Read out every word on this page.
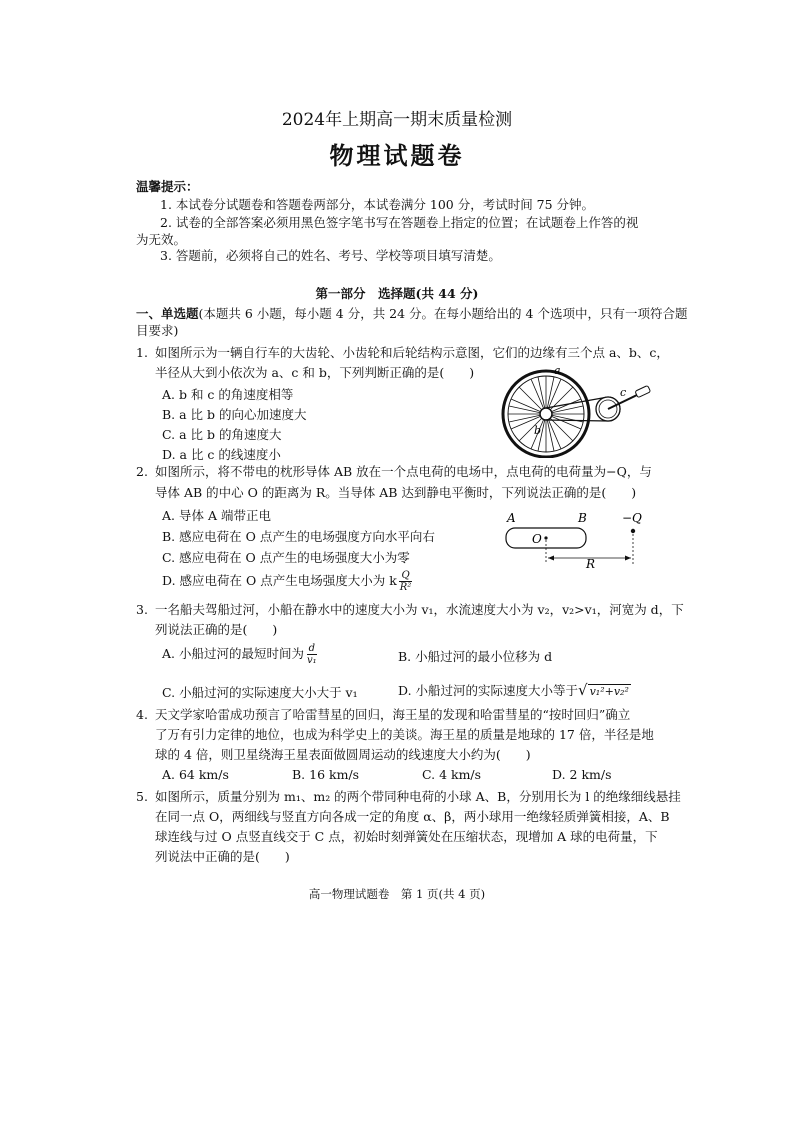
2024年上期高一期末质量检测
物理试题卷
温馨提示：
1. 本试卷分试题卷和答题卷两部分，本试卷满分 100 分，考试时间 75 分钟。
2. 试卷的全部答案必须用黑色签字笔书写在答题卷上指定的位置；在试题卷上作答的视
为无效。
3. 答题前，必须将自己的姓名、考号、学校等项目填写清楚。
第一部分　选择题(共 44 分)
一、单选题(本题共 6 小题，每小题 4 分，共 24 分。在每小题给出的 4 个选项中，只有一项符合题
目要求)
1. 如图所示为一辆自行车的大齿轮、小齿轮和后轮结构示意图，它们的边缘有三个点 a、b、c，
半径从大到小依次为 a、c 和 b，下列判断正确的是(　　)
A. b 和 c 的角速度相等
B. a 比 b 的向心加速度大
C. a 比 b 的角速度大
D. a 比 c 的线速度小
a
b
c
2. 如图所示，将不带电的枕形导体 AB 放在一个点电荷的电场中，点电荷的电荷量为−Q，与
导体 AB 的中心 O 的距离为 R。当导体 AB 达到静电平衡时，下列说法正确的是(　　)
A. 导体 A 端带正电
B. 感应电荷在 O 点产生的电场强度方向水平向右
C. 感应电荷在 O 点产生的电场强度大小为零
D. 感应电荷在 O 点产生电场强度大小为 k $\frac{Q}{\text{R²}}$
A	B
O
R
−Q
3. 一名船夫驾船过河，小船在静水中的速度大小为 v₁，水流速度大小为 v₂，v₂>v₁，河宽为 d，下
列说法正确的是(　　)
A. 小船过河的最短时间为 $\frac{d}{\text{v₁}}$	B. 小船过河的最小位移为 d
C. 小船过河的实际速度大小大于 v₁	D. 小船过河的实际速度大小等于√ v₁²+v₂²
4. 天文学家哈雷成功预言了哈雷彗星的回归，海王星的发现和哈雷彗星的“按时回归”确立
了万有引力定律的地位，也成为科学史上的美谈。海王星的质量是地球的 17 倍，半径是地
球的 4 倍，则卫星绕海王星表面做圆周运动的线速度大小约为(　　)
A. 64 km/s	B. 16 km/s	C. 4 km/s	D. 2 km/s
5. 如图所示，质量分别为 m₁、m₂ 的两个带同种电荷的小球 A、B，分别用长为 l 的绝缘细线悬挂
在同一点 O，两细线与竖直方向各成一定的角度 α、β，两小球用一绝缘轻质弹簧相接，A、B
球连线与过 O 点竖直线交于 C 点，初始时刻弹簧处在压缩状态，现增加 A 球的电荷量，下
列说法中正确的是(　　)
高一物理试题卷　第 1 页(共 4 页)
